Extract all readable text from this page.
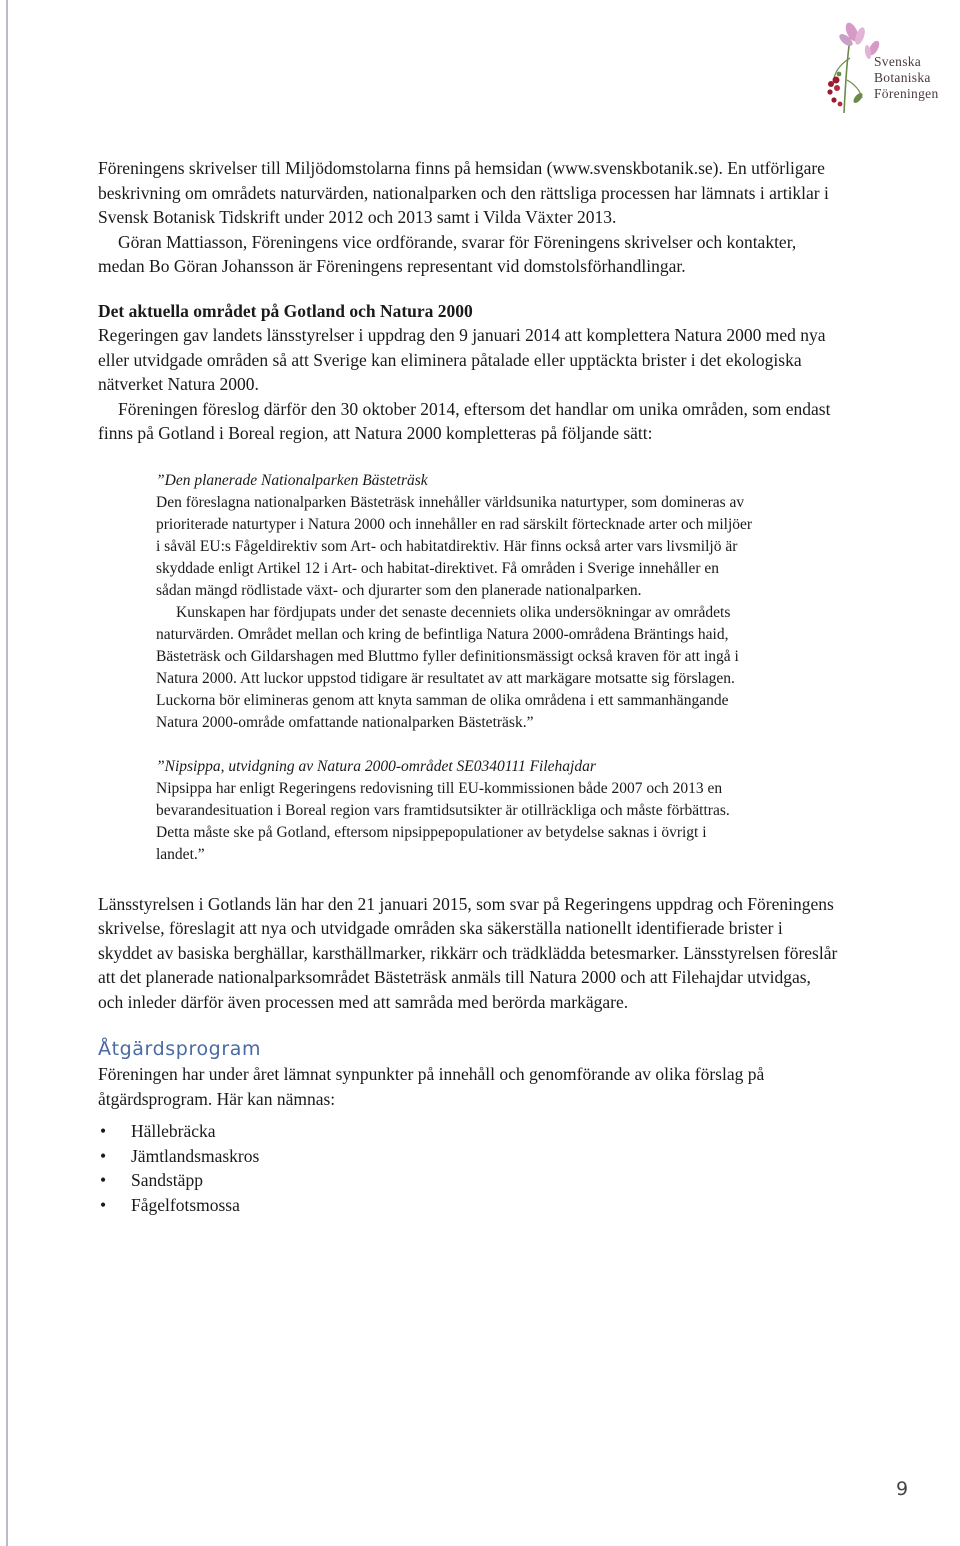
Svenska
Botaniska
Föreningen

Föreningens skrivelser till Miljödomstolarna finns på hemsidan (www.svenskbotanik.se). En utförligare beskrivning om områdets naturvärden, nationalparken och den rättsliga processen har lämnats i artiklar i Svensk Botanisk Tidskrift under 2012 och 2013 samt i Vilda Växter 2013.

Göran Mattiasson, Föreningens vice ordförande, svarar för Föreningens skrivelser och kontakter, medan Bo Göran Johansson är Föreningens representant vid domstolsförhandlingar.

Det aktuella området på Gotland och Natura 2000

Regeringen gav landets länsstyrelser i uppdrag den 9 januari 2014 att komplettera Natura 2000 med nya eller utvidgade områden så att Sverige kan eliminera påtalade eller upptäckta brister i det ekologiska nätverket Natura 2000.

Föreningen föreslog därför den 30 oktober 2014, eftersom det handlar om unika områden, som endast finns på Gotland i Boreal region, att Natura 2000 kompletteras på följande sätt:

”Den planerade Nationalparken Bästeträsk

Den föreslagna nationalparken Bästeträsk innehåller världsunika naturtyper, som domineras av prioriterade naturtyper i Natura 2000 och innehåller en rad särskilt förtecknade arter och miljöer i såväl EU:s Fågeldirektiv som Art- och habitatdirektiv. Här finns också arter vars livsmiljö är skyddade enligt Artikel 12 i Art- och habitat-direktivet. Få områden i Sverige innehåller en sådan mängd rödlistade växt- och djurarter som den planerade nationalparken.

Kunskapen har fördjupats under det senaste decenniets olika undersökningar av områdets naturvärden. Området mellan och kring de befintliga Natura 2000-områdena Bräntings haid, Bästeträsk och Gildarshagen med Bluttmo fyller definitionsmässigt också kraven för att ingå i Natura 2000. Att luckor uppstod tidigare är resultatet av att markägare motsatte sig förslagen. Luckorna bör elimineras genom att knyta samman de olika områdena i ett sammanhängande Natura 2000-område omfattande nationalparken Bästeträsk.”

”Nipsippa, utvidgning av Natura 2000-området SE0340111 Filehajdar

Nipsippa har enligt Regeringens redovisning till EU-kommissionen både 2007 och 2013 en bevarandesituation i Boreal region vars framtidsutsikter är otillräckliga och måste förbättras. Detta måste ske på Gotland, eftersom nipsippepopulationer av betydelse saknas i övrigt i landet.”

Länsstyrelsen i Gotlands län har den 21 januari 2015, som svar på Regeringens uppdrag och Föreningens skrivelse, föreslagit att nya och utvidgade områden ska säkerställa nationellt identifierade brister i skyddet av basiska berghällar, karsthällmarker, rikkärr och trädklädda betesmarker. Länsstyrelsen föreslår att det planerade nationalparksområdet Bästeträsk anmäls till Natura 2000 och att Filehajdar utvidgas, och inleder därför även processen med att samråda med berörda markägare.

Åtgärdsprogram

Föreningen har under året lämnat synpunkter på innehåll och genomförande av olika förslag på åtgärdsprogram. Här kan nämnas:

• Hällebräcka
• Jämtlandsmaskros
• Sandstäpp
• Fågelfotsmossa
9
